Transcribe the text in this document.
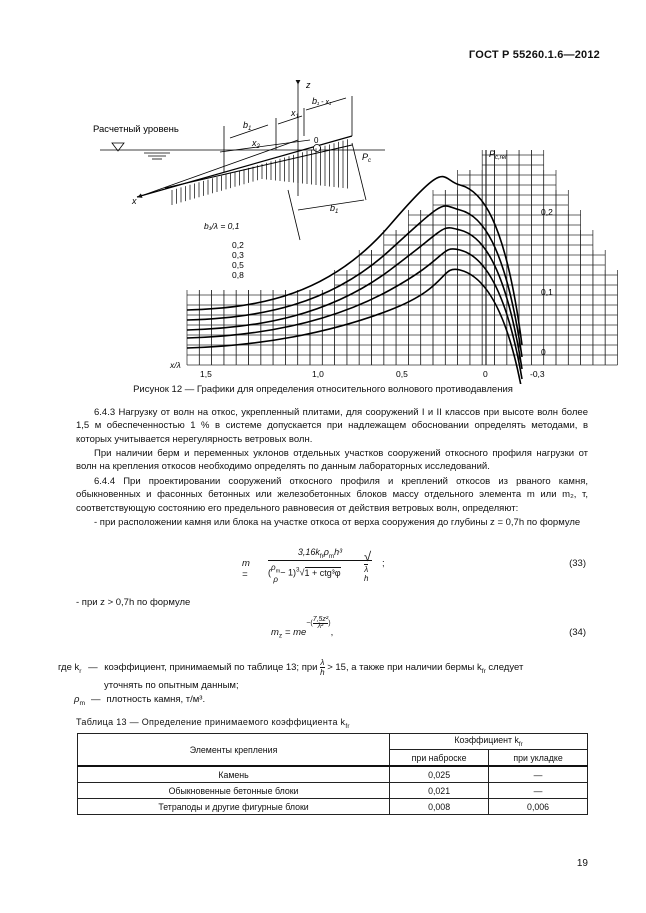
ГОСТ Р 55260.1.6—2012
Расчетный уровень
z
x
0
$b_1$
$x_1$
$x_2$
b₁ - x₁
$P_c$
$b_1$
$P_{c,rel}$
b₁/λ = 0,1
x/λ
0,2
0,3
0,5
0,8
1,5	1,0	0,5	0	-0,3
0,2
0,1
0
Рисунок 12 — Графики для определения относительного волнового противодавления
6.4.3 Нагрузку от волн на откос, укрепленный плитами, для сооружений I и II классов при высоте волн более 1,5 м обеспеченностью 1 % в системе допускается при надлежащем обосновании определять методами, в которых учитывается нерегулярность ветровых волн.
При наличии берм и переменных уклонов отдельных участков сооружений откосного профиля нагрузки от волн на крепления откосов необходимо определять по данным лабораторных исследований.
6.4.4 При проектировании сооружений откосного профиля и креплений откосов из рваного камня, обыкновенных и фасонных бетонных или железобетонных блоков массу отдельного элемента m или m₂, т, соответствующую состоянию его предельного равновесия от действия ветровых волн, определяют:
- при расположении камня или блока на участке откоса от верха сооружения до глубины z = 0,7h по формуле
m =
$3,16k_{fr}\rho_mh^3$
($\rho_m$
ρ− 1)$^3$√1 + ctg³φ
√λ
h
;	(33)
- при z > 0,7h по формуле
$m_z = me^{-(\frac{\text{7,5z²}}{\text{λ²}})}$,	(34)
где $k_r$ — коэффициент, принимаемый по таблице 13; при $\frac{\lambda}{h} > 15$, а также при наличии бермы $k_{fr}$ следует
уточнять по опытным данным;
$\rho_m$ — плотность камня, т/м³.
Таблица 13 — Определение принимаемого коэффициента $k_{fr}$
Элементы крепления	Коэффициент $k_{fr}$
	при наброске	при укладке
Камень	0,025	—
Обыкновенные бетонные блоки	0,021	—
Тетраподы и другие фигурные блоки	0,008	0,006
19
